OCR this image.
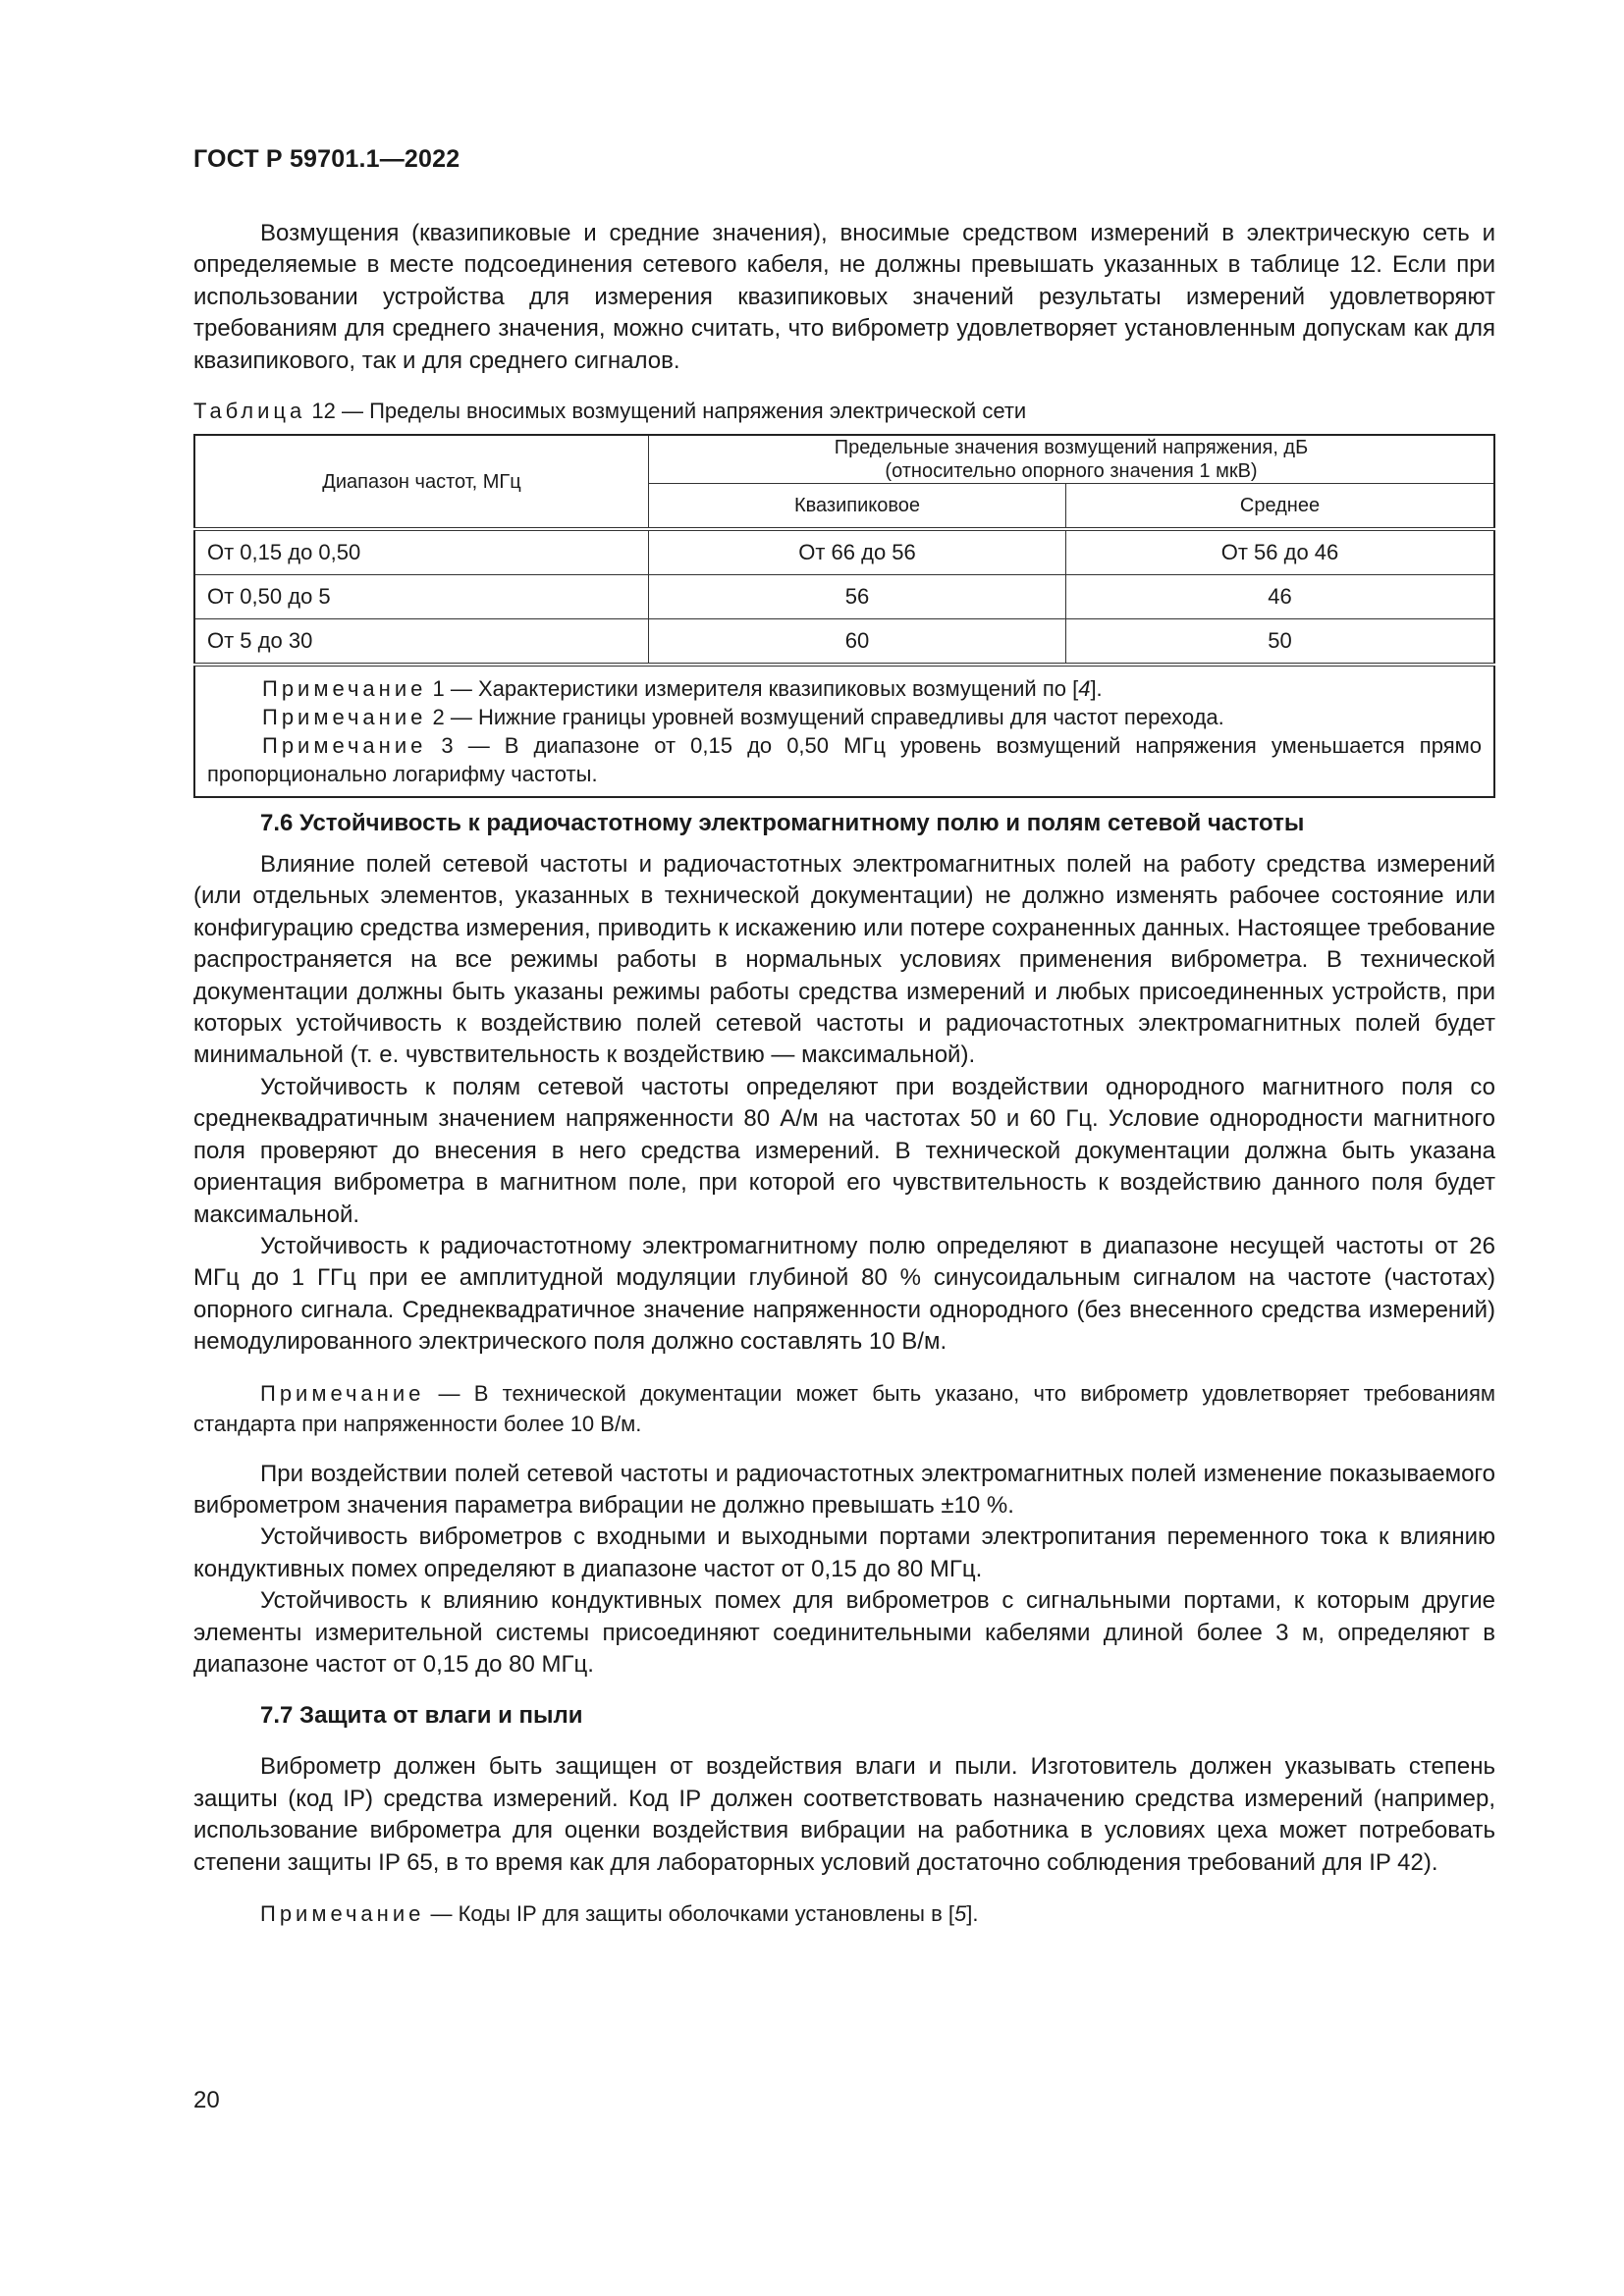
ГОСТ Р 59701.1—2022

Возмущения (квазипиковые и средние значения), вносимые средством измерений в электрическую сеть и определяемые в месте подсоединения сетевого кабеля, не должны превышать указанных в таблице 12. Если при использовании устройства для измерения квазипиковых значений результаты измерений удовлетворяют требованиям для среднего значения, можно считать, что виброметр удовлетворяет установленным допускам как для квазипикового, так и для среднего сигналов.

Таблица 12 — Пределы вносимых возмущений напряжения электрической сети

Диапазон частот, МГц	Предельные значения возмущений напряжения, дБ
(относительно опорного значения 1 мкВ)	

	Квазипиковое	Среднее
От 0,15 до 0,50	От 66 до 56	От 56 до 46
От 0,50 до 5	56	46
От 5 до 30	60	50

Примечание 1 — Характеристики измерителя квазипиковых возмущений по [4].

Примечание 2 — Нижние границы уровней возмущений справедливы для частот перехода.

Примечание 3 — В диапазоне от 0,15 до 0,50 МГц уровень возмущений напряжения уменьшается прямо пропорционально логарифму частоты.		

7.6 Устойчивость к радиочастотному электромагнитному полю и полям сетевой частоты

Влияние полей сетевой частоты и радиочастотных электромагнитных полей на работу средства измерений (или отдельных элементов, указанных в технической документации) не должно изменять рабочее состояние или конфигурацию средства измерения, приводить к искажению или потере сохраненных данных. Настоящее требование распространяется на все режимы работы в нормальных условиях применения виброметра. В технической документации должны быть указаны режимы работы средства измерений и любых присоединенных устройств, при которых устойчивость к воздействию полей сетевой частоты и радиочастотных электромагнитных полей будет минимальной (т. е. чувствительность к воздействию — максимальной).

Устойчивость к полям сетевой частоты определяют при воздействии однородного магнитного поля со среднеквадратичным значением напряженности 80 А/м на частотах 50 и 60 Гц. Условие однородности магнитного поля проверяют до внесения в него средства измерений. В технической документации должна быть указана ориентация виброметра в магнитном поле, при которой его чувствительность к воздействию данного поля будет максимальной.

Устойчивость к радиочастотному электромагнитному полю определяют в диапазоне несущей частоты от 26 МГц до 1 ГГц при ее амплитудной модуляции глубиной 80 % синусоидальным сигналом на частоте (частотах) опорного сигнала. Среднеквадратичное значение напряженности однородного (без внесенного средства измерений) немодулированного электрического поля должно составлять 10 В/м.

Примечание — В технической документации может быть указано, что виброметр удовлетворяет требованиям стандарта при напряженности более 10 В/м.

При воздействии полей сетевой частоты и радиочастотных электромагнитных полей изменение показываемого виброметром значения параметра вибрации не должно превышать ±10 %.

Устойчивость виброметров с входными и выходными портами электропитания переменного тока к влиянию кондуктивных помех определяют в диапазоне частот от 0,15 до 80 МГц.

Устойчивость к влиянию кондуктивных помех для виброметров с сигнальными портами, к которым другие элементы измерительной системы присоединяют соединительными кабелями длиной более 3 м, определяют в диапазоне частот от 0,15 до 80 МГц.

7.7 Защита от влаги и пыли

Виброметр должен быть защищен от воздействия влаги и пыли. Изготовитель должен указывать степень защиты (код IP) средства измерений. Код IP должен соответствовать назначению средства измерений (например, использование виброметра для оценки воздействия вибрации на работника в условиях цеха может потребовать степени защиты IP 65, в то время как для лабораторных условий достаточно соблюдения требований для IP 42).

Примечание — Коды IP для защиты оболочками установлены в [5].

20
